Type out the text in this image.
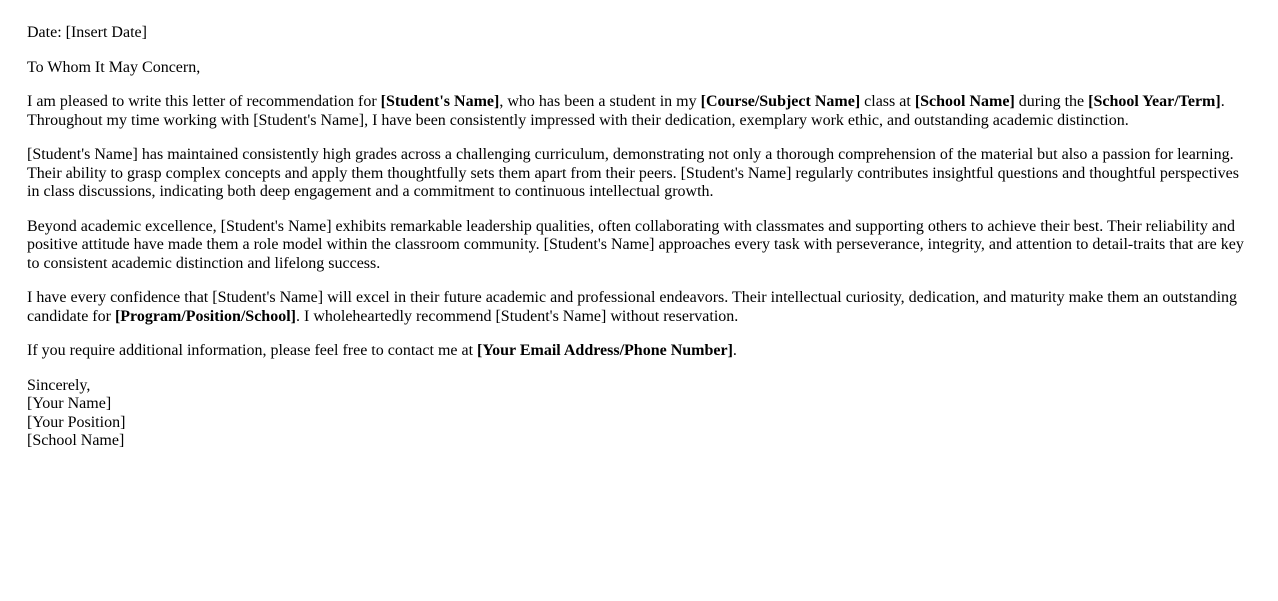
Date: [Insert Date]

To Whom It May Concern,

I am pleased to write this letter of recommendation for [Student's Name], who has been a student in my [Course/Subject Name] class at [School Name] during the [School Year/Term]. Throughout my time working with [Student's Name], I have been consistently impressed with their dedication, exemplary work ethic, and outstanding academic distinction.

[Student's Name] has maintained consistently high grades across a challenging curriculum, demonstrating not only a thorough comprehension of the material but also a passion for learning. Their ability to grasp complex concepts and apply them thoughtfully sets them apart from their peers. [Student's Name] regularly contributes insightful questions and thoughtful perspectives in class discussions, indicating both deep engagement and a commitment to continuous intellectual growth.

Beyond academic excellence, [Student's Name] exhibits remarkable leadership qualities, often collaborating with classmates and supporting others to achieve their best. Their reliability and positive attitude have made them a role model within the classroom community. [Student's Name] approaches every task with perseverance, integrity, and attention to detail-traits that are key to consistent academic distinction and lifelong success.

I have every confidence that [Student's Name] will excel in their future academic and professional endeavors. Their intellectual curiosity, dedication, and maturity make them an outstanding candidate for [Program/Position/School]. I wholeheartedly recommend [Student's Name] without reservation.

If you require additional information, please feel free to contact me at [Your Email Address/Phone Number].

Sincerely,
[Your Name]
[Your Position]
[School Name]
